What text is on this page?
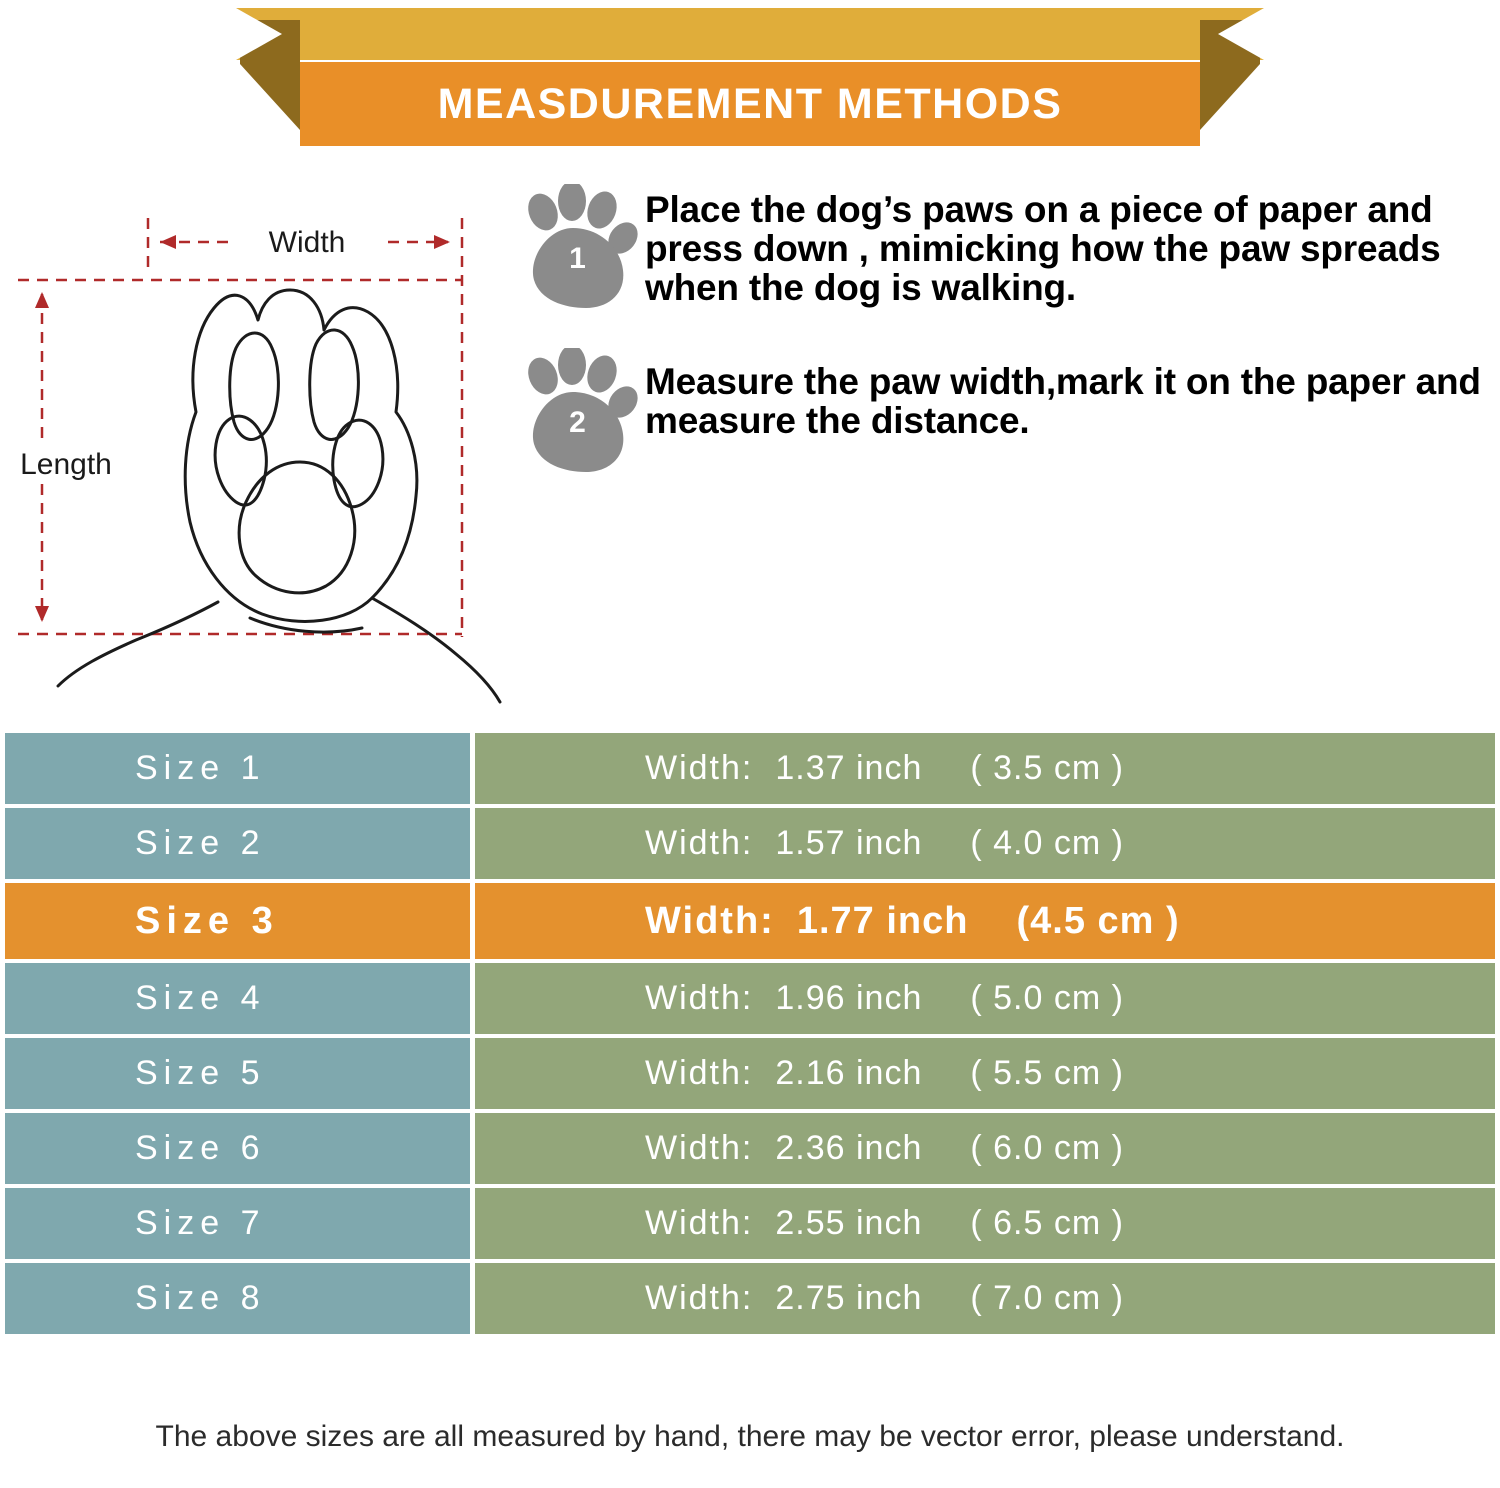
MEASDUREMENT METHODS
Width
Length
1
Place the dog’s paws on a piece of paper and press down , mimicking how the paw spreads when the dog is walking.
2
Measure the paw width,mark it on the paper and measure the distance.
Size 1	Width: 1.37 inch ( 3.5 cm )
Size 2	Width: 1.57 inch ( 4.0 cm )
Size 3	Width: 1.77 inch (4.5 cm )
Size 4	Width: 1.96 inch ( 5.0 cm )
Size 5	Width: 2.16 inch ( 5.5 cm )
Size 6	Width: 2.36 inch ( 6.0 cm )
Size 7	Width: 2.55 inch ( 6.5 cm )
Size 8	Width: 2.75 inch ( 7.0 cm )
The above sizes are all measured by hand, there may be vector error, please understand.
